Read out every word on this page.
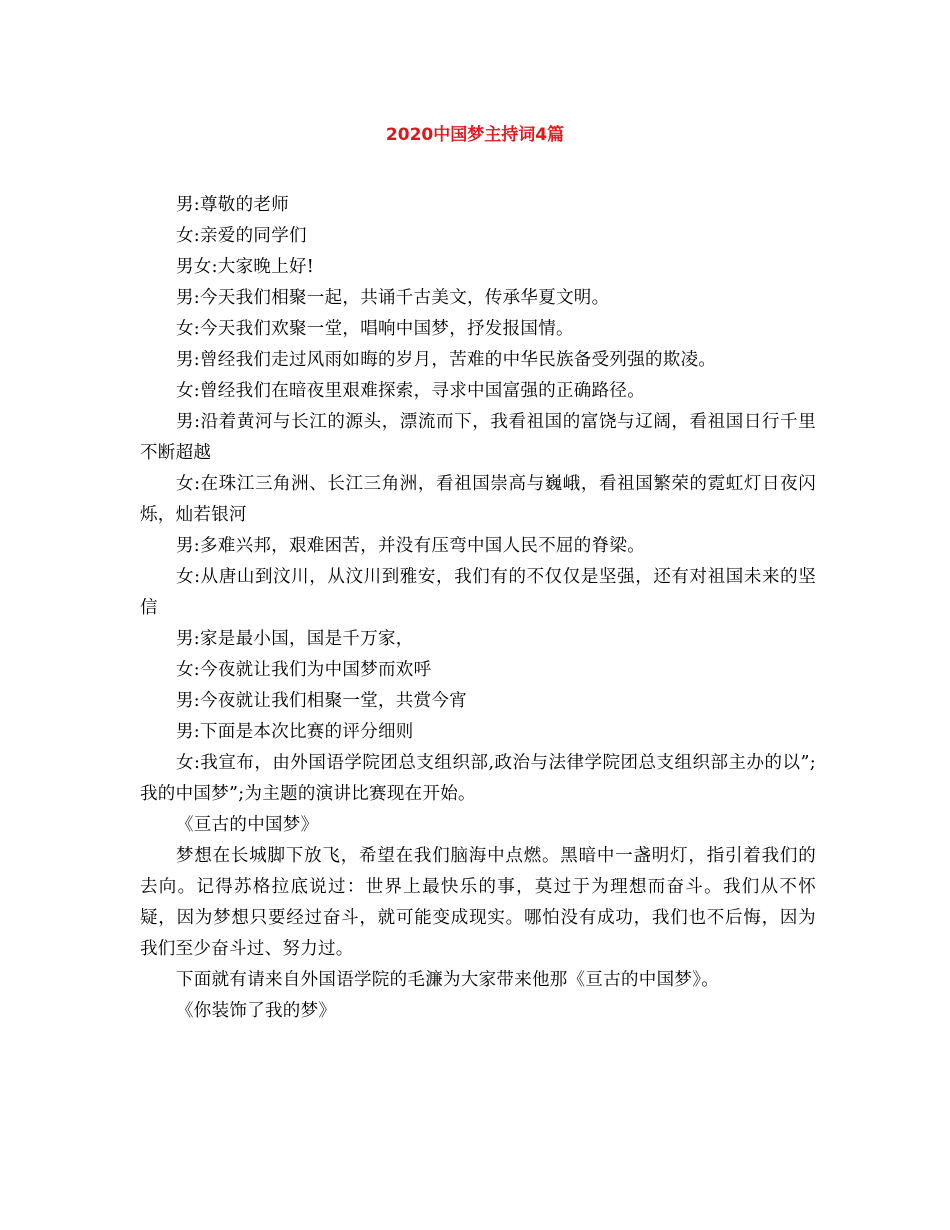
2020中国梦主持词4篇

男:尊敬的老师

女:亲爱的同学们

男女:大家晚上好!

男:今天我们相聚一起，共诵千古美文，传承华夏文明。

女:今天我们欢聚一堂，唱响中国梦，抒发报国情。

男:曾经我们走过风雨如晦的岁月，苦难的中华民族备受列强的欺凌。

女:曾经我们在暗夜里艰难探索，寻求中国富强的正确路径。

男:沿着黄河与长江的源头，漂流而下，我看祖国的富饶与辽阔，看祖国日行千里不断超越

女:在珠江三角洲、长江三角洲，看祖国崇高与巍峨，看祖国繁荣的霓虹灯日夜闪烁，灿若银河

男:多难兴邦，艰难困苦，并没有压弯中国人民不屈的脊梁。

女:从唐山到汶川，从汶川到雅安，我们有的不仅仅是坚强，还有对祖国未来的坚信

男:家是最小国，国是千万家，

女:今夜就让我们为中国梦而欢呼

男:今夜就让我们相聚一堂，共赏今宵

男:下面是本次比赛的评分细则

女:我宣布，由外国语学院团总支组织部,政治与法律学院团总支组织部主办的以”;我的中国梦”;为主题的演讲比赛现在开始。

《亘古的中国梦》

梦想在长城脚下放飞，希望在我们脑海中点燃。黑暗中一盏明灯，指引着我们的去向。记得苏格拉底说过：世界上最快乐的事，莫过于为理想而奋斗。我们从不怀疑，因为梦想只要经过奋斗，就可能变成现实。哪怕没有成功，我们也不后悔，因为我们至少奋斗过、努力过。

下面就有请来自外国语学院的毛濂为大家带来他那《亘古的中国梦》。

《你装饰了我的梦》
